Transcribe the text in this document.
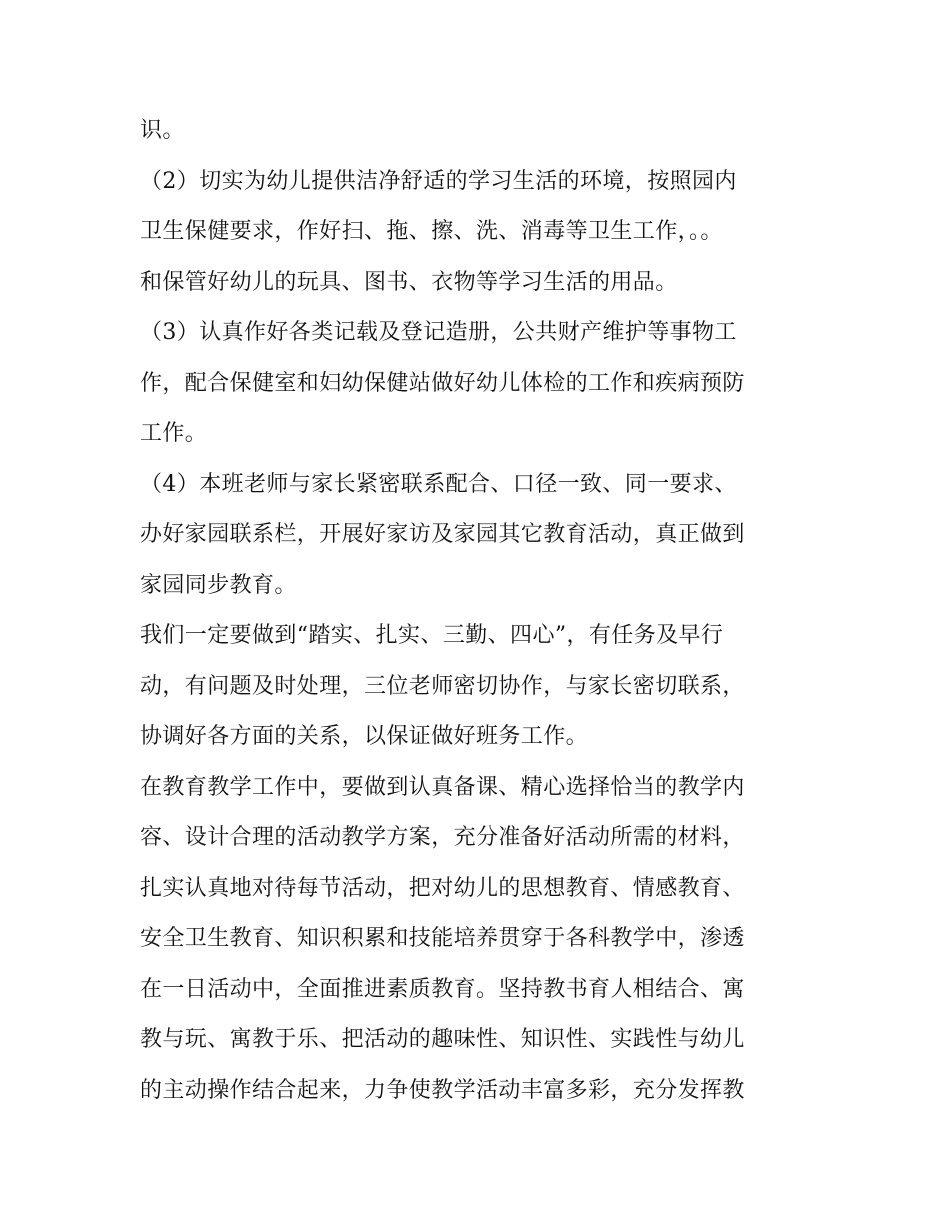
识。
（2）切实为幼儿提供洁净舒适的学习生活的环境，按照园内
卫生保健要求，作好扫、拖、擦、洗、消毒等卫生工作，。。
和保管好幼儿的玩具、图书、衣物等学习生活的用品。
（3）认真作好各类记载及登记造册，公共财产维护等事物工
作，配合保健室和妇幼保健站做好幼儿体检的工作和疾病预防
工作。
（4）本班老师与家长紧密联系配合、口径一致、同一要求、
办好家园联系栏，开展好家访及家园其它教育活动，真正做到
家园同步教育。
我们一定要做到“踏实、扎实、三勤、四心”，有任务及早行
动，有问题及时处理，三位老师密切协作，与家长密切联系，
协调好各方面的关系，以保证做好班务工作。
在教育教学工作中，要做到认真备课、精心选择恰当的教学内
容、设计合理的活动教学方案，充分准备好活动所需的材料，
扎实认真地对待每节活动，把对幼儿的思想教育、情感教育、
安全卫生教育、知识积累和技能培养贯穿于各科教学中，渗透
在一日活动中，全面推进素质教育。坚持教书育人相结合、寓
教与玩、寓教于乐、把活动的趣味性、知识性、实践性与幼儿
的主动操作结合起来，力争使教学活动丰富多彩，充分发挥教
